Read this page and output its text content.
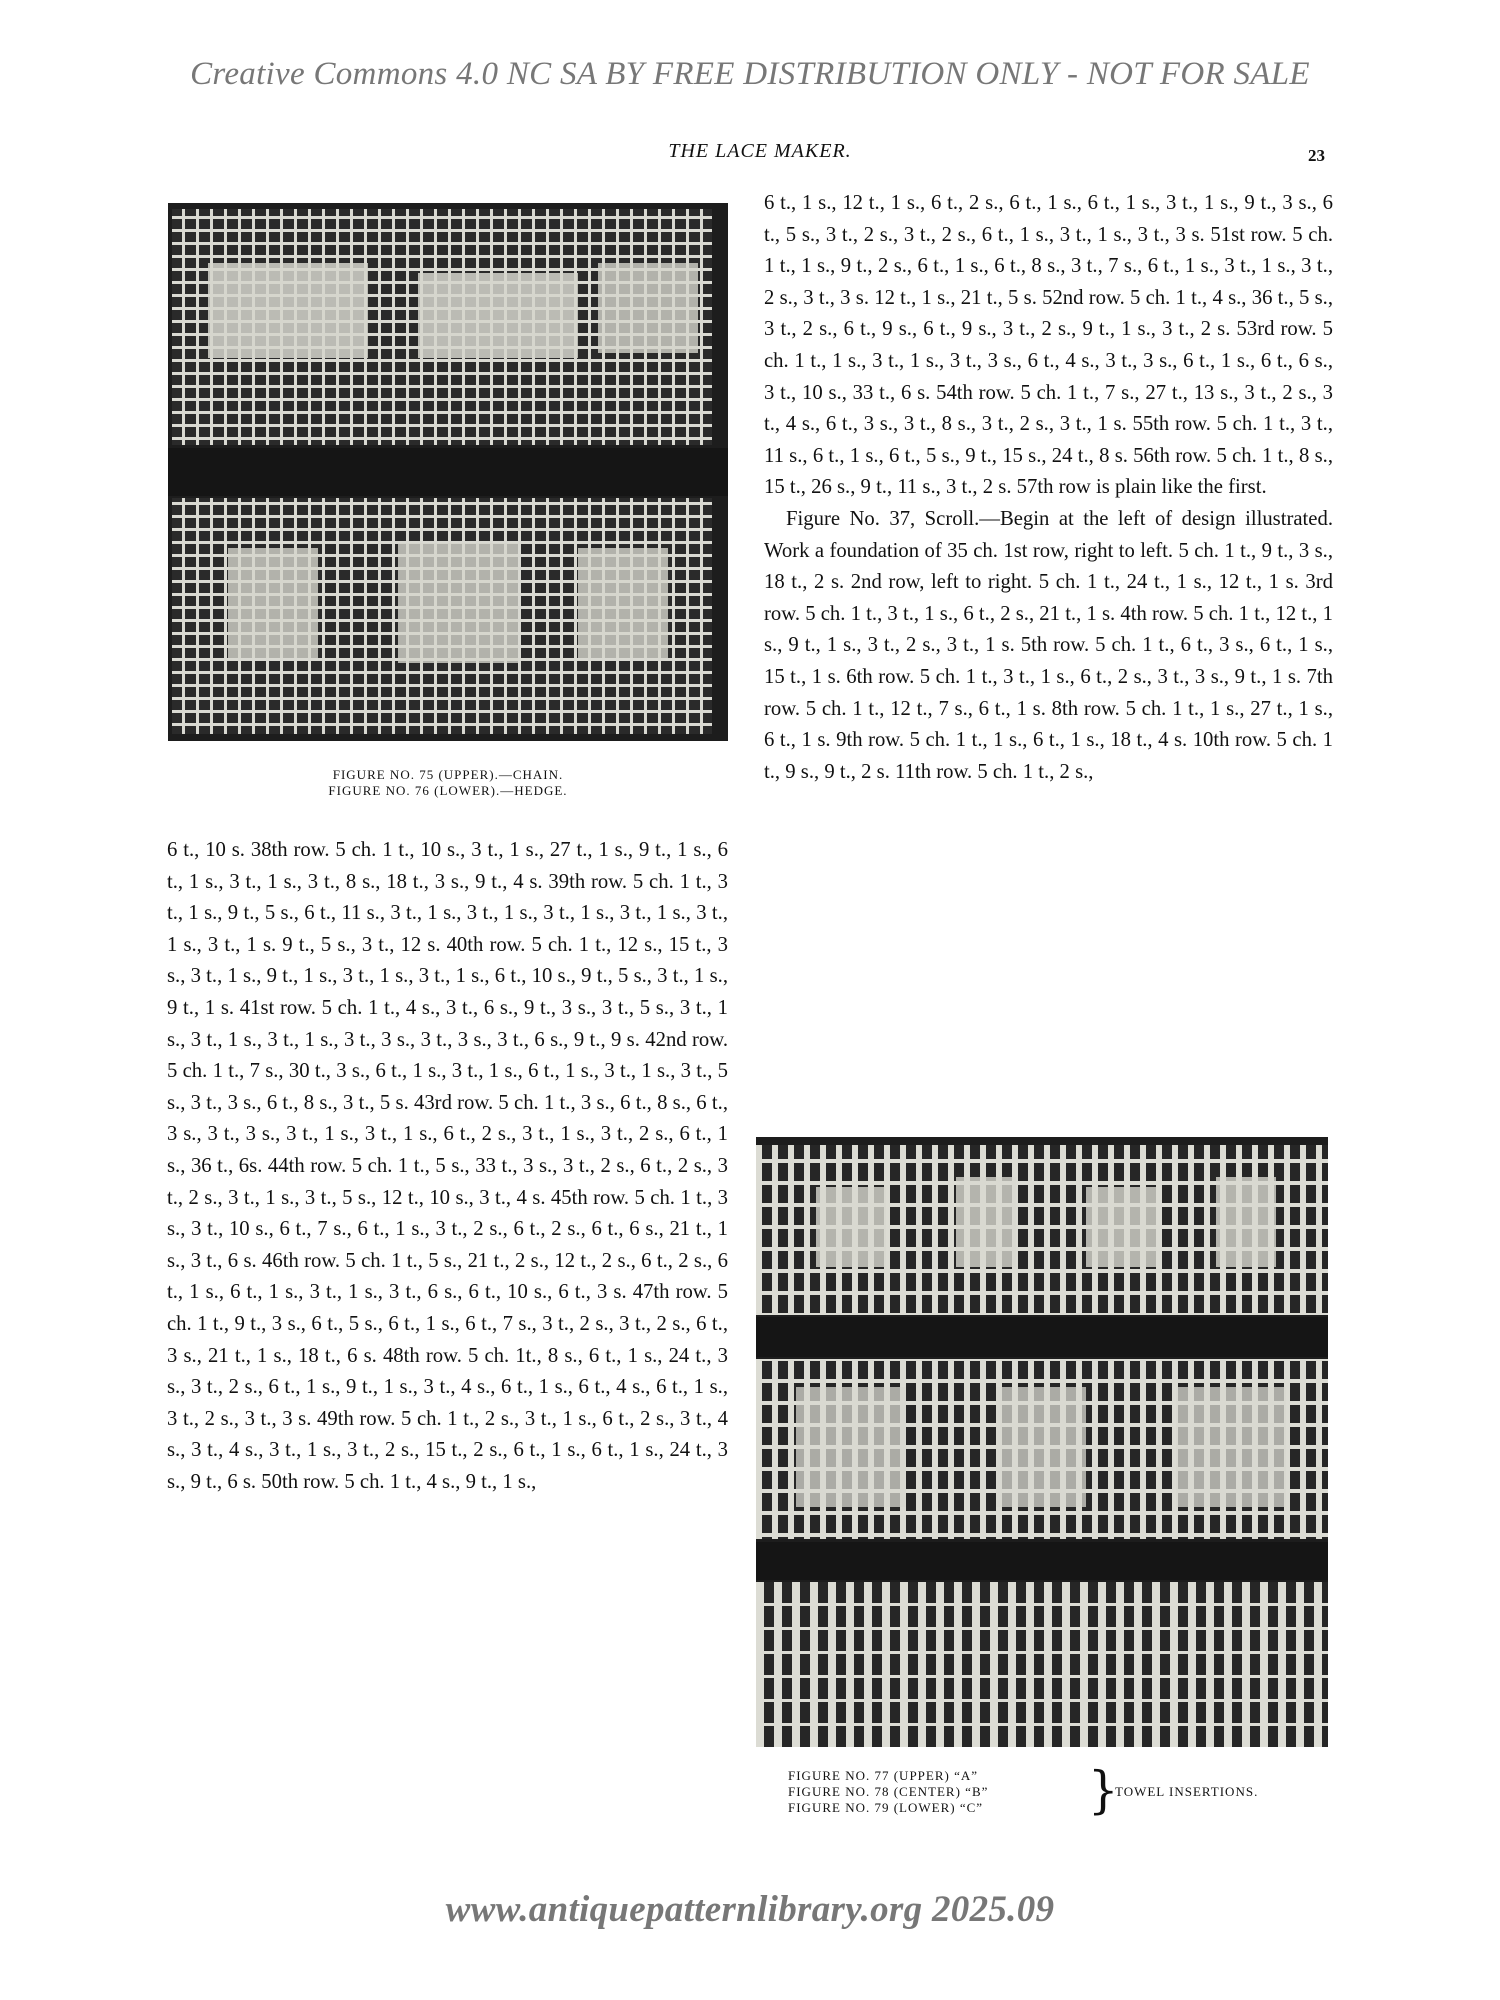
Creative Commons 4.0 NC SA BY FREE DISTRIBUTION ONLY - NOT FOR SALE
THE LACE MAKER.	23
FIGURE NO. 75 (UPPER).—CHAIN.
FIGURE NO. 76 (LOWER).—HEDGE.

6 t., 10 s. 38th row. 5 ch. 1 t., 10 s., 3 t., 1 s., 27 t., 1 s., 9 t., 1 s., 6 t., 1 s., 3 t., 1 s., 3 t., 8 s., 18 t., 3 s., 9 t., 4 s. 39th row. 5 ch. 1 t., 3 t., 1 s., 9 t., 5 s., 6 t., 11 s., 3 t., 1 s., 3 t., 1 s., 3 t., 1 s., 3 t., 1 s., 3 t., 1 s., 3 t., 1 s. 9 t., 5 s., 3 t., 12 s. 40th row. 5 ch. 1 t., 12 s., 15 t., 3 s., 3 t., 1 s., 9 t., 1 s., 3 t., 1 s., 3 t., 1 s., 6 t., 10 s., 9 t., 5 s., 3 t., 1 s., 9 t., 1 s. 41st row. 5 ch. 1 t., 4 s., 3 t., 6 s., 9 t., 3 s., 3 t., 5 s., 3 t., 1 s., 3 t., 1 s., 3 t., 1 s., 3 t., 3 s., 3 t., 3 s., 3 t., 6 s., 9 t., 9 s. 42nd row. 5 ch. 1 t., 7 s., 30 t., 3 s., 6 t., 1 s., 3 t., 1 s., 6 t., 1 s., 3 t., 1 s., 3 t., 5 s., 3 t., 3 s., 6 t., 8 s., 3 t., 5 s. 43rd row. 5 ch. 1 t., 3 s., 6 t., 8 s., 6 t., 3 s., 3 t., 3 s., 3 t., 1 s., 3 t., 1 s., 6 t., 2 s., 3 t., 1 s., 3 t., 2 s., 6 t., 1 s., 36 t., 6s. 44th row. 5 ch. 1 t., 5 s., 33 t., 3 s., 3 t., 2 s., 6 t., 2 s., 3 t., 2 s., 3 t., 1 s., 3 t., 5 s., 12 t., 10 s., 3 t., 4 s. 45th row. 5 ch. 1 t., 3 s., 3 t., 10 s., 6 t., 7 s., 6 t., 1 s., 3 t., 2 s., 6 t., 2 s., 6 t., 6 s., 21 t., 1 s., 3 t., 6 s. 46th row. 5 ch. 1 t., 5 s., 21 t., 2 s., 12 t., 2 s., 6 t., 2 s., 6 t., 1 s., 6 t., 1 s., 3 t., 1 s., 3 t., 6 s., 6 t., 10 s., 6 t., 3 s. 47th row. 5 ch. 1 t., 9 t., 3 s., 6 t., 5 s., 6 t., 1 s., 6 t., 7 s., 3 t., 2 s., 3 t., 2 s., 6 t., 3 s., 21 t., 1 s., 18 t., 6 s. 48th row. 5 ch. 1t., 8 s., 6 t., 1 s., 24 t., 3 s., 3 t., 2 s., 6 t., 1 s., 9 t., 1 s., 3 t., 4 s., 6 t., 1 s., 6 t., 4 s., 6 t., 1 s., 3 t., 2 s., 3 t., 3 s. 49th row. 5 ch. 1 t., 2 s., 3 t., 1 s., 6 t., 2 s., 3 t., 4 s., 3 t., 4 s., 3 t., 1 s., 3 t., 2 s., 15 t., 2 s., 6 t., 1 s., 6 t., 1 s., 24 t., 3 s., 9 t., 6 s. 50th row. 5 ch. 1 t., 4 s., 9 t., 1 s.,

6 t., 1 s., 12 t., 1 s., 6 t., 2 s., 6 t., 1 s., 6 t., 1 s., 3 t., 1 s., 9 t., 3 s., 6 t., 5 s., 3 t., 2 s., 3 t., 2 s., 6 t., 1 s., 3 t., 1 s., 3 t., 3 s. 51st row. 5 ch. 1 t., 1 s., 9 t., 2 s., 6 t., 1 s., 6 t., 8 s., 3 t., 7 s., 6 t., 1 s., 3 t., 1 s., 3 t., 2 s., 3 t., 3 s. 12 t., 1 s., 21 t., 5 s. 52nd row. 5 ch. 1 t., 4 s., 36 t., 5 s., 3 t., 2 s., 6 t., 9 s., 6 t., 9 s., 3 t., 2 s., 9 t., 1 s., 3 t., 2 s. 53rd row. 5 ch. 1 t., 1 s., 3 t., 1 s., 3 t., 3 s., 6 t., 4 s., 3 t., 3 s., 6 t., 1 s., 6 t., 6 s., 3 t., 10 s., 33 t., 6 s. 54th row. 5 ch. 1 t., 7 s., 27 t., 13 s., 3 t., 2 s., 3 t., 4 s., 6 t., 3 s., 3 t., 8 s., 3 t., 2 s., 3 t., 1 s. 55th row. 5 ch. 1 t., 3 t., 11 s., 6 t., 1 s., 6 t., 5 s., 9 t., 15 s., 24 t., 8 s. 56th row. 5 ch. 1 t., 8 s., 15 t., 26 s., 9 t., 11 s., 3 t., 2 s. 57th row is plain like the first.

Figure No. 37, Scroll.—Begin at the left of design illustrated. Work a foundation of 35 ch. 1st row, right to left. 5 ch. 1 t., 9 t., 3 s., 18 t., 2 s. 2nd row, left to right. 5 ch. 1 t., 24 t., 1 s., 12 t., 1 s. 3rd row. 5 ch. 1 t., 3 t., 1 s., 6 t., 2 s., 21 t., 1 s. 4th row. 5 ch. 1 t., 12 t., 1 s., 9 t., 1 s., 3 t., 2 s., 3 t., 1 s. 5th row. 5 ch. 1 t., 6 t., 3 s., 6 t., 1 s., 15 t., 1 s. 6th row. 5 ch. 1 t., 3 t., 1 s., 6 t., 2 s., 3 t., 3 s., 9 t., 1 s. 7th row. 5 ch. 1 t., 12 t., 7 s., 6 t., 1 s. 8th row. 5 ch. 1 t., 1 s., 27 t., 1 s., 6 t., 1 s. 9th row. 5 ch. 1 t., 1 s., 6 t., 1 s., 18 t., 4 s. 10th row. 5 ch. 1 t., 9 s., 9 t., 2 s. 11th row. 5 ch. 1 t., 2 s.,

FIGURE NO. 77 (UPPER) “A”
FIGURE NO. 78 (CENTER) “B”
FIGURE NO. 79 (LOWER) “C”	}
TOWEL INSERTIONS.
www.antiquepatternlibrary.org 2025.09
